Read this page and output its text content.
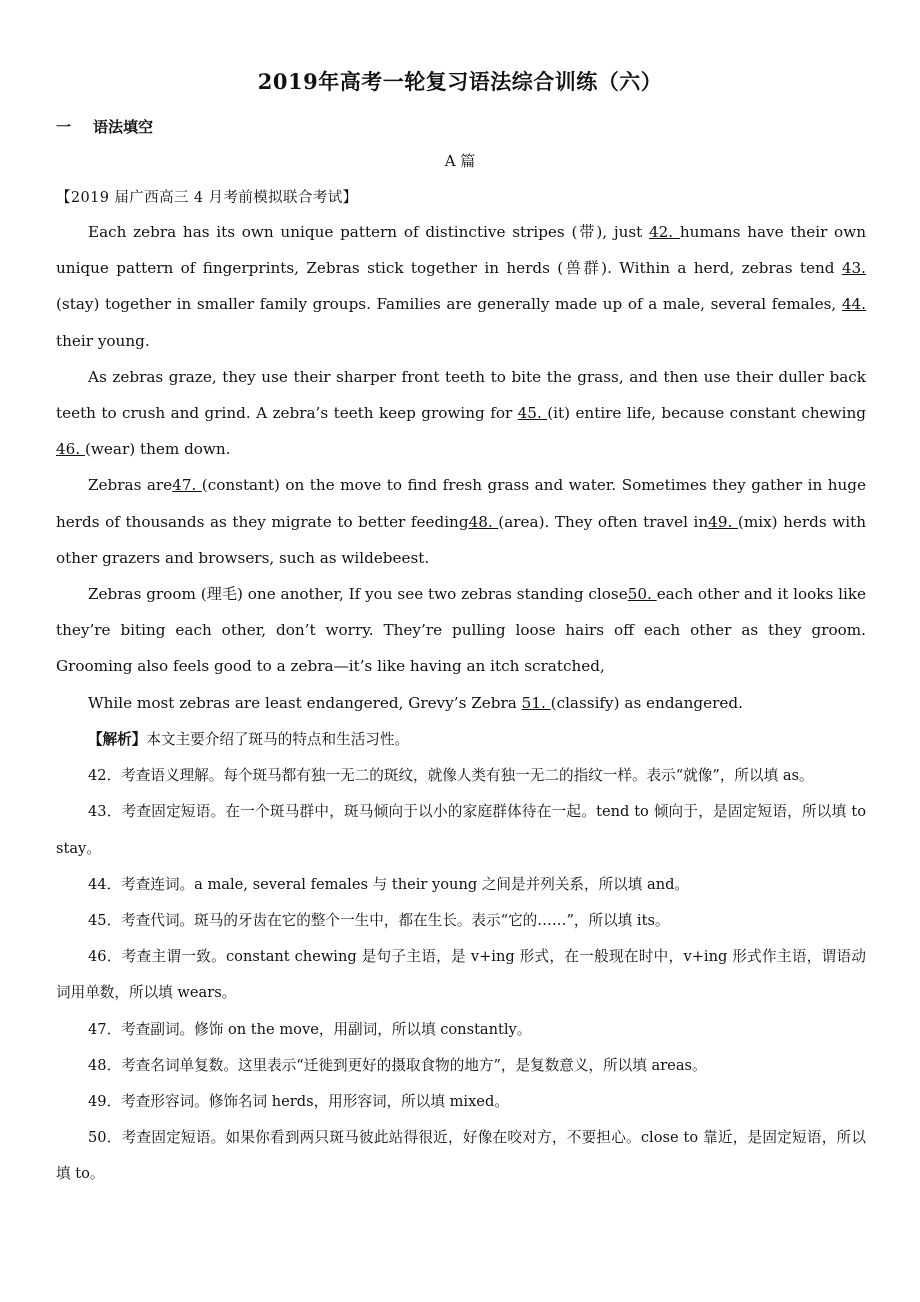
2019年高考一轮复习语法综合训练（六）
一 语法填空
A 篇
【2019 届广西高三 4 月考前模拟联合考试】

Each zebra has its own unique pattern of distinctive stripes (带), just 42. humans have their own unique pattern of fingerprints, Zebras stick together in herds (兽群). Within a herd, zebras tend 43. (stay) together in smaller family groups. Families are generally made up of a male, several females, 44. their young.

As zebras graze, they use their sharper front teeth to bite the grass, and then use their duller back teeth to crush and grind. A zebra’s teeth keep growing for 45. (it) entire life, because constant chewing 46. (wear) them down.

Zebras are47. (constant) on the move to find fresh grass and water. Sometimes they gather in huge herds of thousands as they migrate to better feeding48. (area). They often travel in49. (mix) herds with other grazers and browsers, such as wildebeest.

Zebras groom (理毛) one another, If you see two zebras standing close50. each other and it looks like they’re biting each other, don’t worry. They’re pulling loose hairs off each other as they groom. Grooming also feels good to a zebra—it’s like having an itch scratched,

While most zebras are least endangered, Grevy’s Zebra 51. (classify) as endangered.

【解析】本文主要介绍了斑马的特点和生活习性。

42．考查语义理解。每个斑马都有独一无二的斑纹，就像人类有独一无二的指纹一样。表示“就像”，所以填 as。

43．考查固定短语。在一个斑马群中，斑马倾向于以小的家庭群体待在一起。tend to 倾向于，是固定短语，所以填 to stay。

44．考查连词。a male, several females 与 their young 之间是并列关系，所以填 and。

45．考查代词。斑马的牙齿在它的整个一生中，都在生长。表示“它的……”，所以填 its。

46．考查主谓一致。constant chewing 是句子主语，是 v+ing 形式，在一般现在时中，v+ing 形式作主语，谓语动词用单数，所以填 wears。

47．考查副词。修饰 on the move，用副词，所以填 constantly。

48．考查名词单复数。这里表示“迁徙到更好的摄取食物的地方”，是复数意义，所以填 areas。

49．考查形容词。修饰名词 herds，用形容词，所以填 mixed。

50．考查固定短语。如果你看到两只斑马彼此站得很近，好像在咬对方，不要担心。close to 靠近，是固定短语，所以填 to。
